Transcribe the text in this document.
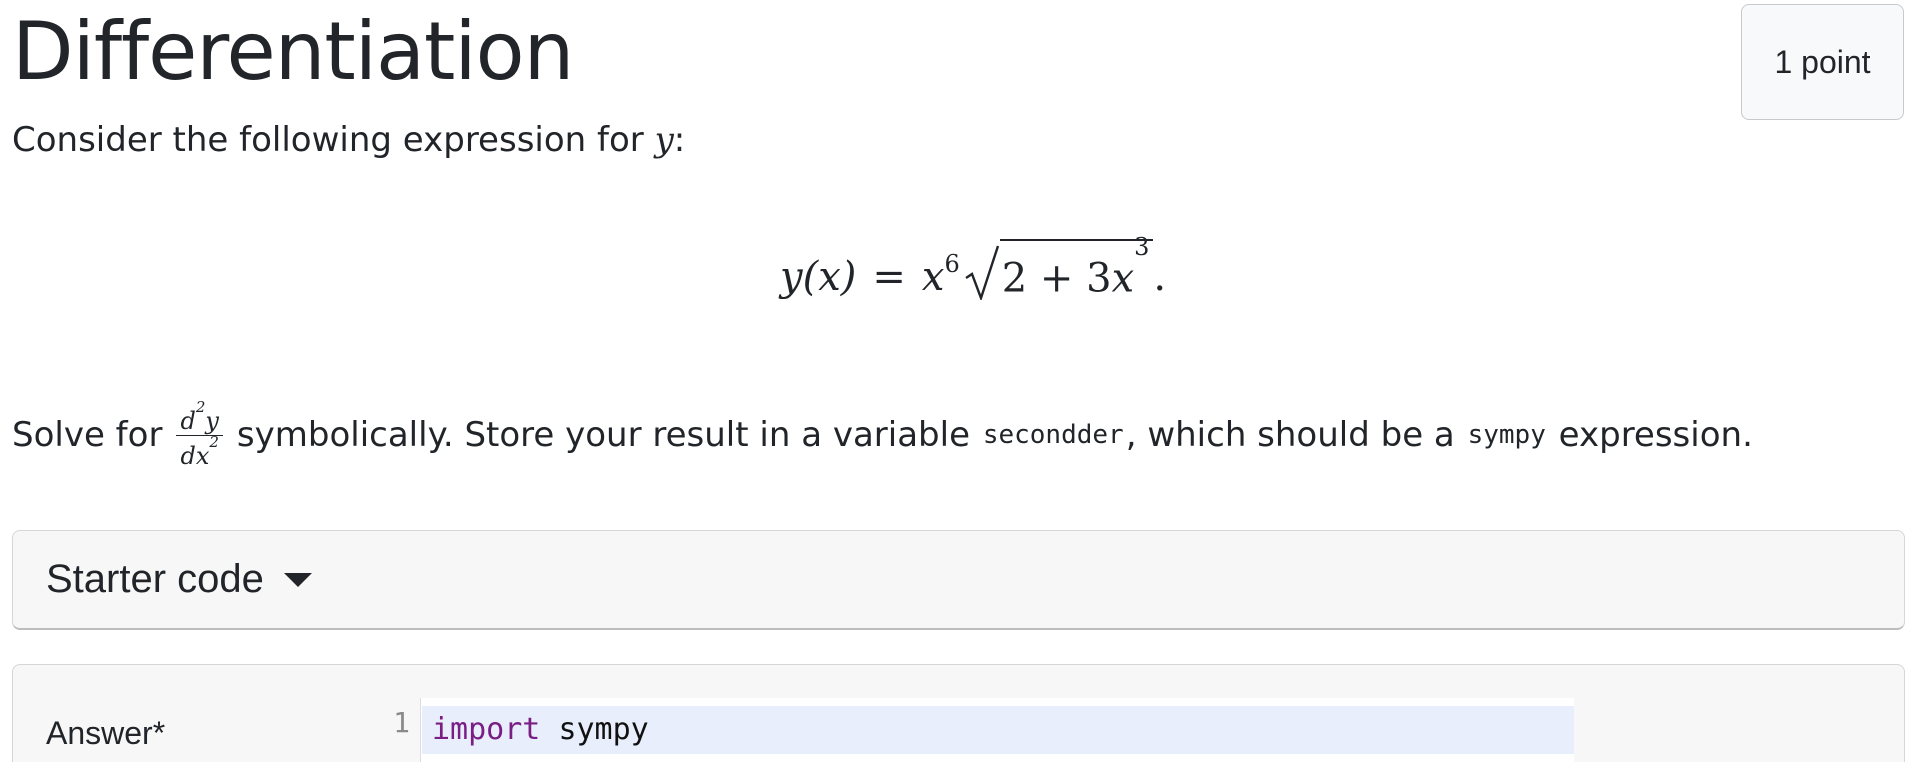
Differentiation	1 point
Consider the following expression for y:
$y(x) = x^6$ $2 + 3x^3$
.
Solve for $\frac{d^2y}{dx^2}$ symbolically. Store your result in a variable
secondder , which should be a
sympy
expression.
Starter code
Answer*	1 import sympy
